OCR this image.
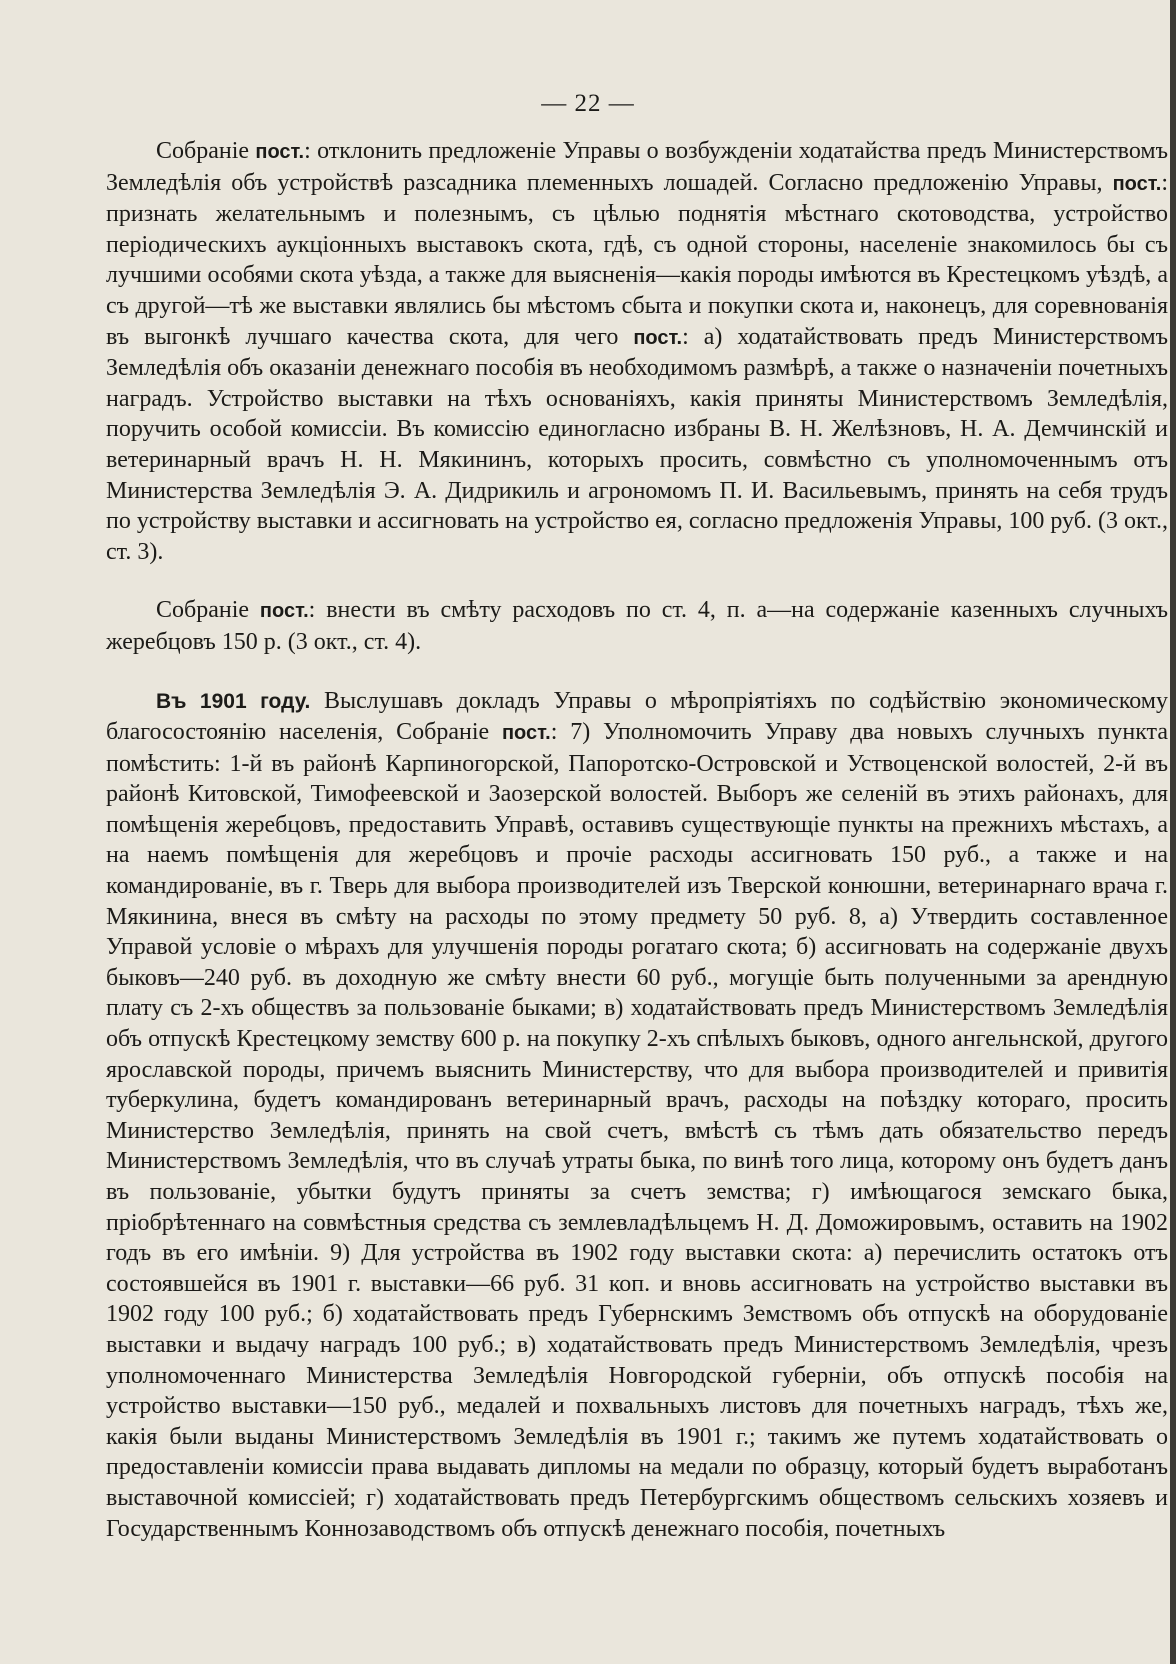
— 22 —

Собраніе пост.: отклонить предложеніе Управы о возбужденіи ходатайства предъ Министерствомъ Земледѣлія объ устройствѣ разсадника племенныхъ лошадей. Согласно предложенію Управы, пост.: признать желательнымъ и полезнымъ, съ цѣлью поднятія мѣстнаго скотоводства, устройство періодическихъ аукціонныхъ выставокъ скота, гдѣ, съ одной стороны, населеніе знакомилось бы съ лучшими особями скота уѣзда, а также для выясненія—какія породы имѣются въ Крестецкомъ уѣздѣ, а съ другой—тѣ же выставки являлись бы мѣстомъ сбыта и покупки скота и, наконецъ, для соревнованія въ выгонкѣ лучшаго качества скота, для чего пост.: а) ходатайствовать предъ Министерствомъ Земледѣлія объ оказаніи денежнаго пособія въ необходимомъ размѣрѣ, а также о назначеніи почетныхъ наградъ. Устройство выставки на тѣхъ основаніяхъ, какія приняты Министерствомъ Земледѣлія, поручить особой комиссіи. Въ комиссію единогласно избраны В. Н. Желѣзновъ, Н. А. Демчинскій и ветеринарный врачъ Н. Н. Мякининъ, которыхъ просить, совмѣстно съ уполномоченнымъ отъ Министерства Земледѣлія Э. А. Дидрикиль и агрономомъ П. И. Васильевымъ, принять на себя трудъ по устройству выставки и ассигновать на устройство ея, согласно предложенія Управы, 100 руб. (3 окт., ст. 3).

Собраніе пост.: внести въ смѣту расходовъ по ст. 4, п. а—на содержаніе казенныхъ случныхъ жеребцовъ 150 р. (3 окт., ст. 4).

Въ 1901 году. Выслушавъ докладъ Управы о мѣропріятіяхъ по содѣйствію экономическому благосостоянію населенія, Собраніе пост.: 7) Уполномочить Управу два новыхъ случныхъ пункта помѣстить: 1-й въ районѣ Карпиногорской, Папоротско-Островской и Уствоценской волостей, 2-й въ районѣ Китовской, Тимофеевской и Заозерской волостей. Выборъ же селеній въ этихъ районахъ, для помѣщенія жеребцовъ, предоставить Управѣ, оставивъ существующіе пункты на прежнихъ мѣстахъ, а на наемъ помѣщенія для жеребцовъ и прочіе расходы ассигновать 150 руб., а также и на командированіе, въ г. Тверь для выбора производителей изъ Тверской конюшни, ветеринарнаго врача г. Мякинина, внеся въ смѣту на расходы по этому предмету 50 руб. 8, а) Утвердить составленное Управой условіе о мѣрахъ для улучшенія породы рогатаго скота; б) ассигновать на содержаніе двухъ быковъ—240 руб. въ доходную же смѣту внести 60 руб., могущіе быть полученными за арендную плату съ 2-хъ обществъ за пользованіе быками; в) ходатайствовать предъ Министерствомъ Земледѣлія объ отпускѣ Крестецкому земству 600 р. на покупку 2-хъ спѣлыхъ быковъ, одного ангельнской, другого ярославской породы, причемъ выяснить Министерству, что для выбора производителей и привитія туберкулина, будетъ командированъ ветеринарный врачъ, расходы на поѣздку котораго, просить Министерство Земледѣлія, принять на свой счетъ, вмѣстѣ съ тѣмъ дать обязательство передъ Министерствомъ Земледѣлія, что въ случаѣ утраты быка, по винѣ того лица, которому онъ будетъ данъ въ пользованіе, убытки будутъ приняты за счетъ земства; г) имѣющагося земскаго быка, пріобрѣтеннаго на совмѣстныя средства съ землевладѣльцемъ Н. Д. Доможировымъ, оставить на 1902 годъ въ его имѣніи. 9) Для устройства въ 1902 году выставки скота: а) перечислить остатокъ отъ состоявшейся въ 1901 г. выставки—66 руб. 31 коп. и вновь ассигновать на устройство выставки въ 1902 году 100 руб.; б) ходатайствовать предъ Губернскимъ Земствомъ объ отпускѣ на оборудованіе выставки и выдачу наградъ 100 руб.; в) ходатайствовать предъ Министерствомъ Земледѣлія, чрезъ уполномоченнаго Министерства Земледѣлія Новгородской губерніи, объ отпускѣ пособія на устройство выставки—150 руб., медалей и похвальныхъ листовъ для почетныхъ наградъ, тѣхъ же, какія были выданы Министерствомъ Земледѣлія въ 1901 г.; такимъ же путемъ ходатайствовать о предоставленіи комиссіи права выдавать дипломы на медали по образцу, который будетъ выработанъ выставочной комиссіей; г) ходатайствовать предъ Петербургскимъ обществомъ сельскихъ хозяевъ и Государственнымъ Коннозаводствомъ объ отпускѣ денежнаго пособія, почетныхъ
